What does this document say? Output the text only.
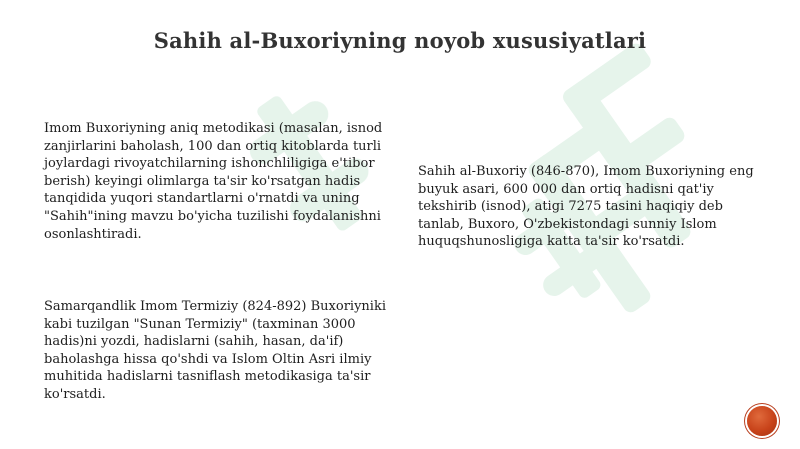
Sahih al-Buxoriyning noyob xususiyatlari
Imom Buxoriyning aniq metodikasi (masalan, isnod zanjirlarini baholash, 100 dan ortiq kitoblarda turli joylardagi rivoyatchilarning ishonchliligiga e'tibor berish) keyingi olimlarga ta'sir ko'rsatgan hadis tanqidida yuqori standartlarni o'rnatdi va uning "Sahih"ining mavzu bo'yicha tuzilishi foydalanishni osonlashtiradi.
Samarqandlik Imom Termiziy (824-892) Buxoriyniki kabi tuzilgan "Sunan Termiziy" (taxminan 3000 hadis)ni yozdi, hadislarni (sahih, hasan, da'if) baholashga hissa qo'shdi va Islom Oltin Asri ilmiy muhitida hadislarni tasniflash metodikasiga ta'sir ko'rsatdi.
Sahih al-Buxoriy (846-870), Imom Buxoriyning eng buyuk asari, 600 000 dan ortiq hadisni qat'iy tekshirib (isnod), atigi 7275 tasini haqiqiy deb tanlab, Buxoro, O'zbekistondagi sunniy Islom huquqshunosligiga katta ta'sir ko'rsatdi.
